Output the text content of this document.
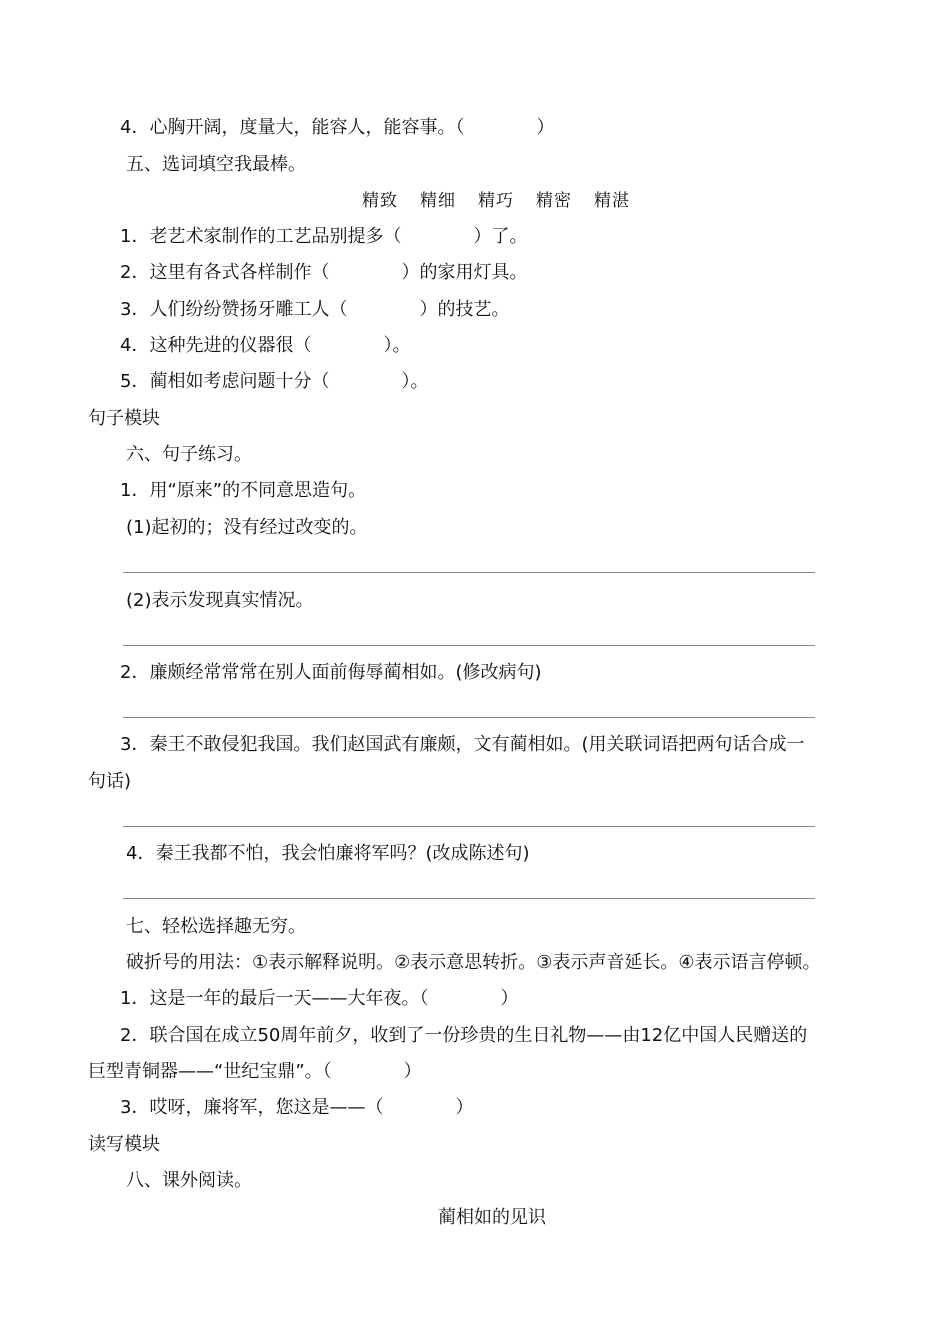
4．心胸开阔，度量大，能容人，能容事。（　　　　）
五、选词填空我最棒。
精致 精细 精巧 精密 精湛
1．老艺术家制作的工艺品别提多（　　　　）了。
2．这里有各式各样制作（　　　　）的家用灯具。
3．人们纷纷赞扬牙雕工人（　　　　）的技艺。
4．这种先进的仪器很（　　　　）。
5．蔺相如考虑问题十分（　　　　）。
句子模块
六、句子练习。
1．用“原来”的不同意思造句。
(1)起初的；没有经过改变的。
(2)表示发现真实情况。
2．廉颇经常常常在别人面前侮辱蔺相如。(修改病句)
3．秦王不敢侵犯我国。我们赵国武有廉颇，文有蔺相如。(用关联词语把两句话合成一
句话)
4．秦王我都不怕，我会怕廉将军吗？(改成陈述句)
七、轻松选择趣无穷。
破折号的用法：①表示解释说明。②表示意思转折。③表示声音延长。④表示语言停顿。
1．这是一年的最后一天——大年夜。（　　　　）
2．联合国在成立50周年前夕，收到了一份珍贵的生日礼物——由12亿中国人民赠送的
巨型青铜器——“世纪宝鼎”。（　　　　）
3．哎呀，廉将军，您这是——（　　　　）
读写模块
八、课外阅读。
蔺相如的见识
